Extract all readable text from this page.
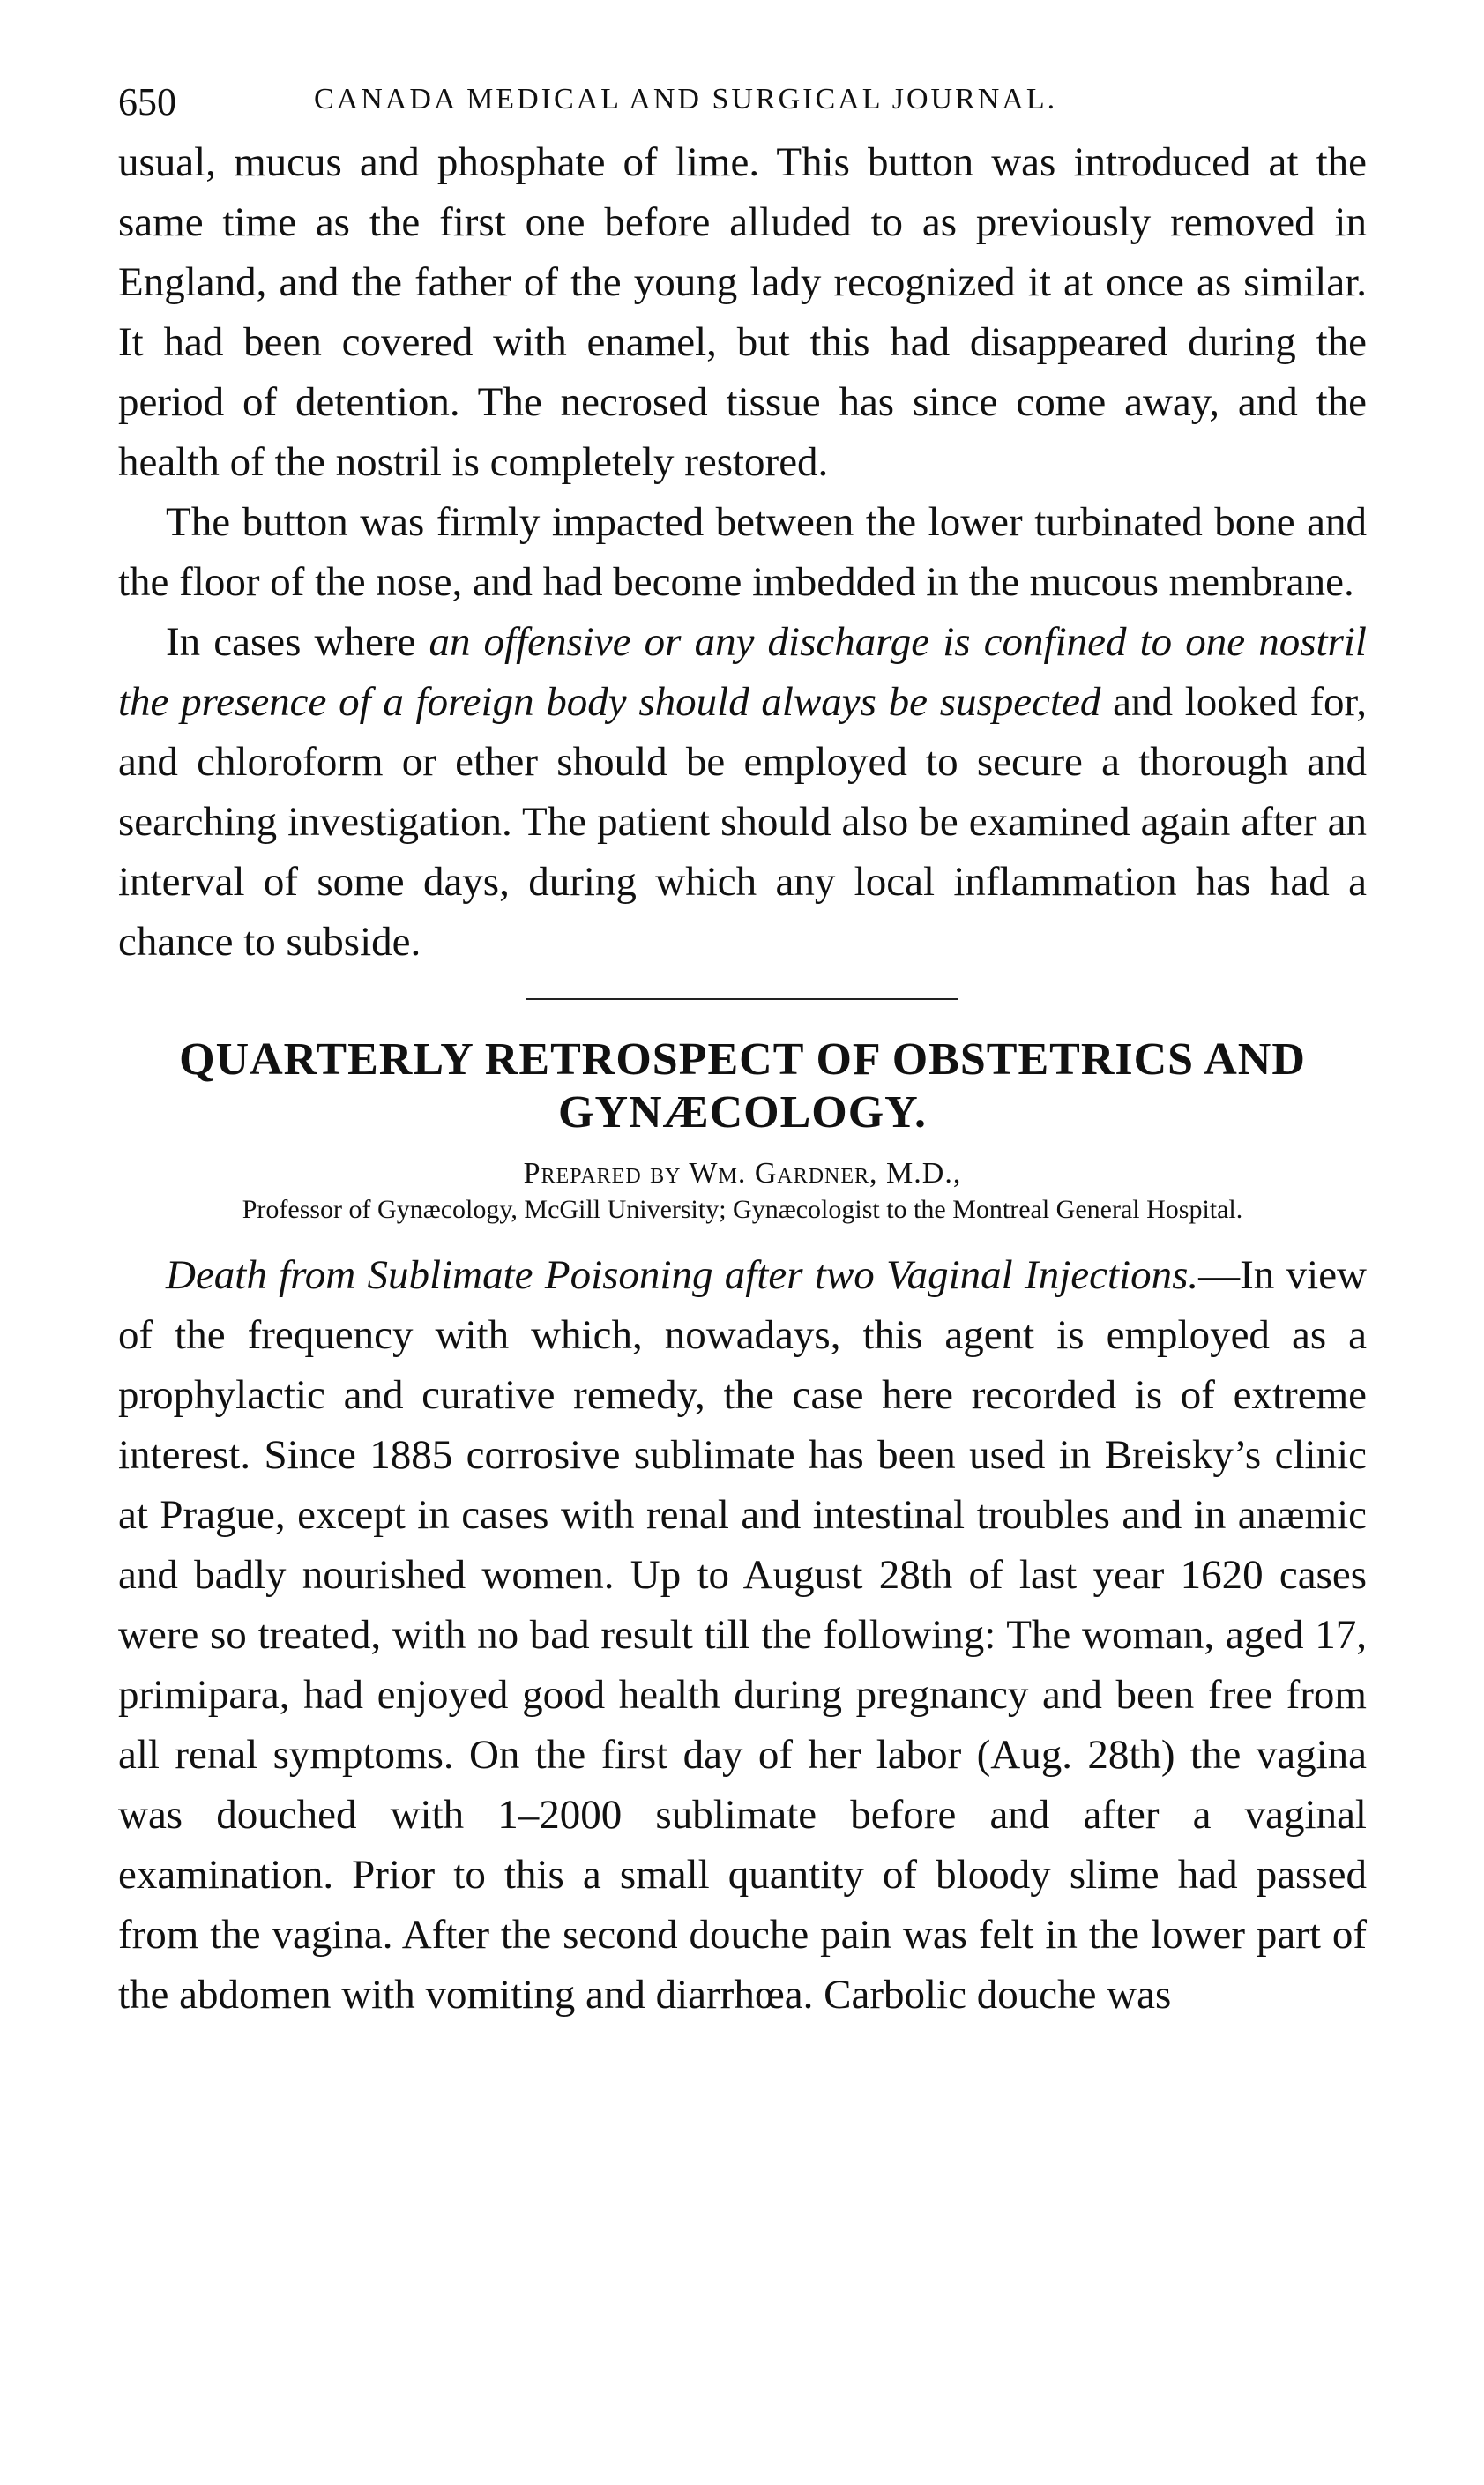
650	CANADA MEDICAL AND SURGICAL JOURNAL.

usual, mucus and phosphate of lime. This button was introduced at the same time as the first one before alluded to as previously removed in England, and the father of the young lady recognized it at once as similar. It had been covered with enamel, but this had disappeared during the period of detention. The necrosed tissue has since come away, and the health of the nostril is completely restored.

The button was firmly impacted between the lower turbinated bone and the floor of the nose, and had become imbedded in the mucous membrane.

In cases where an offensive or any discharge is confined to one nostril the presence of a foreign body should always be suspected and looked for, and chloroform or ether should be employed to secure a thorough and searching investigation. The patient should also be examined again after an interval of some days, during which any local inflammation has had a chance to subside.

QUARTERLY RETROSPECT OF OBSTETRICS AND GYNÆCOLOGY.
Prepared by Wm. Gardner, M.D.,
Professor of Gynæcology, McGill University; Gynæcologist to the Montreal General Hospital.

Death from Sublimate Poisoning after two Vaginal Injections.—In view of the frequency with which, nowadays, this agent is employed as a prophylactic and curative remedy, the case here recorded is of extreme interest. Since 1885 corrosive sublimate has been used in Breisky’s clinic at Prague, except in cases with renal and intestinal troubles and in anæmic and badly nourished women. Up to August 28th of last year 1620 cases were so treated, with no bad result till the following: The woman, aged 17, primipara, had enjoyed good health during pregnancy and been free from all renal symptoms. On the first day of her labor (Aug. 28th) the vagina was douched with 1–2000 sublimate before and after a vaginal examination. Prior to this a small quantity of bloody slime had passed from the vagina. After the second douche pain was felt in the lower part of the abdomen with vomiting and diarrhœa. Carbolic douche was
